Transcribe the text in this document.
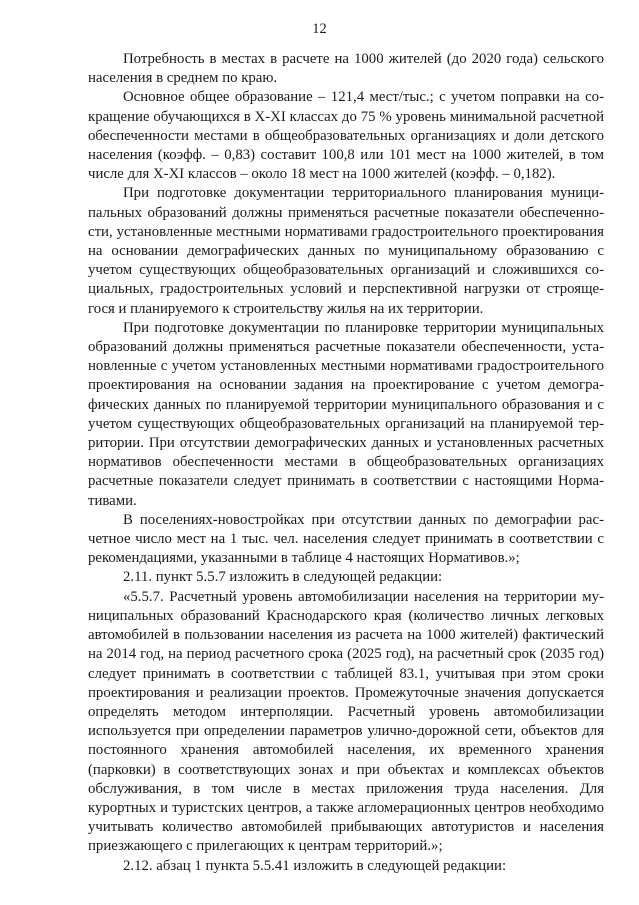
12

Потребность в местах в расчете на 1000 жителей (до 2020 года) сельского населения в среднем по краю.

Основное общее образование – 121,4 мест/тыс.; с учетом поправки на сокращение обучающихся в X-XI классах до 75 % уровень минимальной расчетной обеспеченности местами в общеобразовательных организациях и доли детского населения (коэфф. – 0,83) составит 100,8 или 101 мест на 1000 жителей, в том числе для X-XI классов – около 18 мест на 1000 жителей (коэфф. – 0,182).

При подготовке документации территориального планирования муниципальных образований должны применяться расчетные показатели обеспеченности, установленные местными нормативами градостроительного проектирования на основании демографических данных по муниципальному образованию с учетом существующих общеобразовательных организаций и сложившихся социальных, градостроительных условий и перспективной нагрузки от строящегося и планируемого к строительству жилья на их территории.

При подготовке документации по планировке территории муниципальных образований должны применяться расчетные показатели обеспеченности, установленные с учетом установленных местными нормативами градостроительного проектирования на основании задания на проектирование с учетом демографических данных по планируемой территории муниципального образования и с учетом существующих общеобразовательных организаций на планируемой территории. При отсутствии демографических данных и установленных расчетных нормативов обеспеченности местами в общеобразовательных организациях расчетные показатели следует принимать в соответствии с настоящими Нормативами.

В поселениях-новостройках при отсутствии данных по демографии расчетное число мест на 1 тыс. чел. населения следует принимать в соответствии с рекомендациями, указанными в таблице 4 настоящих Нормативов.»;

2.11. пункт 5.5.7 изложить в следующей редакции:

«5.5.7. Расчетный уровень автомобилизации населения на территории муниципальных образований Краснодарского края (количество личных легковых автомобилей в пользовании населения из расчета на 1000 жителей) фактический на 2014 год, на период расчетного срока (2025 год), на расчетный срок (2035 год) следует принимать в соответствии с таблицей 83.1, учитывая при этом сроки проектирования и реализации проектов. Промежуточные значения допускается определять методом интерполяции. Расчетный уровень автомобилизации используется при определении параметров улично-дорожной сети, объектов для постоянного хранения автомобилей населения, их временного хранения (парковки) в соответствующих зонах и при объектах и комплексах объектов обслуживания, в том числе в местах приложения труда населения. Для курортных и туристских центров, а также агломерационных центров необходимо учитывать количество автомобилей прибывающих автотуристов и населения приезжающего с прилегающих к центрам территорий.»;

2.12. абзац 1 пункта 5.5.41 изложить в следующей редакции:
